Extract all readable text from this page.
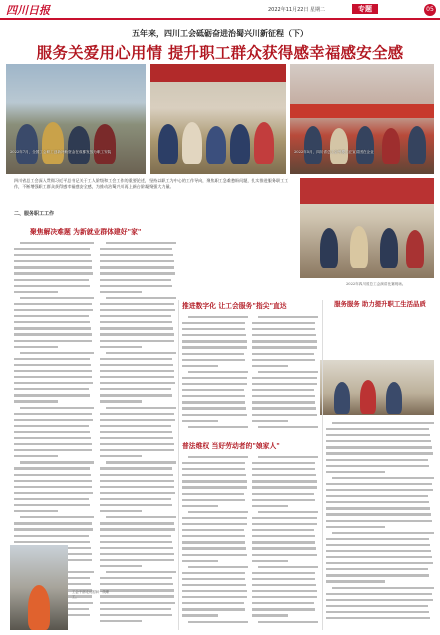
四川日报	2022年11月22日 星期二	专题	05
五年来，四川工会砥砺奋进治蜀兴川新征程（下）
服务关爱用心用情 提升职工群众获得感幸福感安全感
2022年7月，全国工会职工创新补助资金在成都发放为职工安装	2022年5月，四川省总工会劳模工匠宣讲团在企业
四川省总工会深入贯彻习近平总书记关于工人阶级和工会工作的重要论述，坚持以职工为中心的工作导向，聚焦职工急难愁盼问题，扎实推进服务职工工作，不断增强职工群众获得感幸福感安全感，为推动治蜀兴川再上新台阶凝聚强大力量。
二、服务职工工作
2022年四川省总工会演讲比赛现场。
聚焦解决难题 为新就业群体建好"家"
推进数字化 让工会服务"指尖"直达
普法维权 当好劳动者的"娘家人"
服务服务 助力提升职工生活品质
工会干部走访慰问一线职工。
